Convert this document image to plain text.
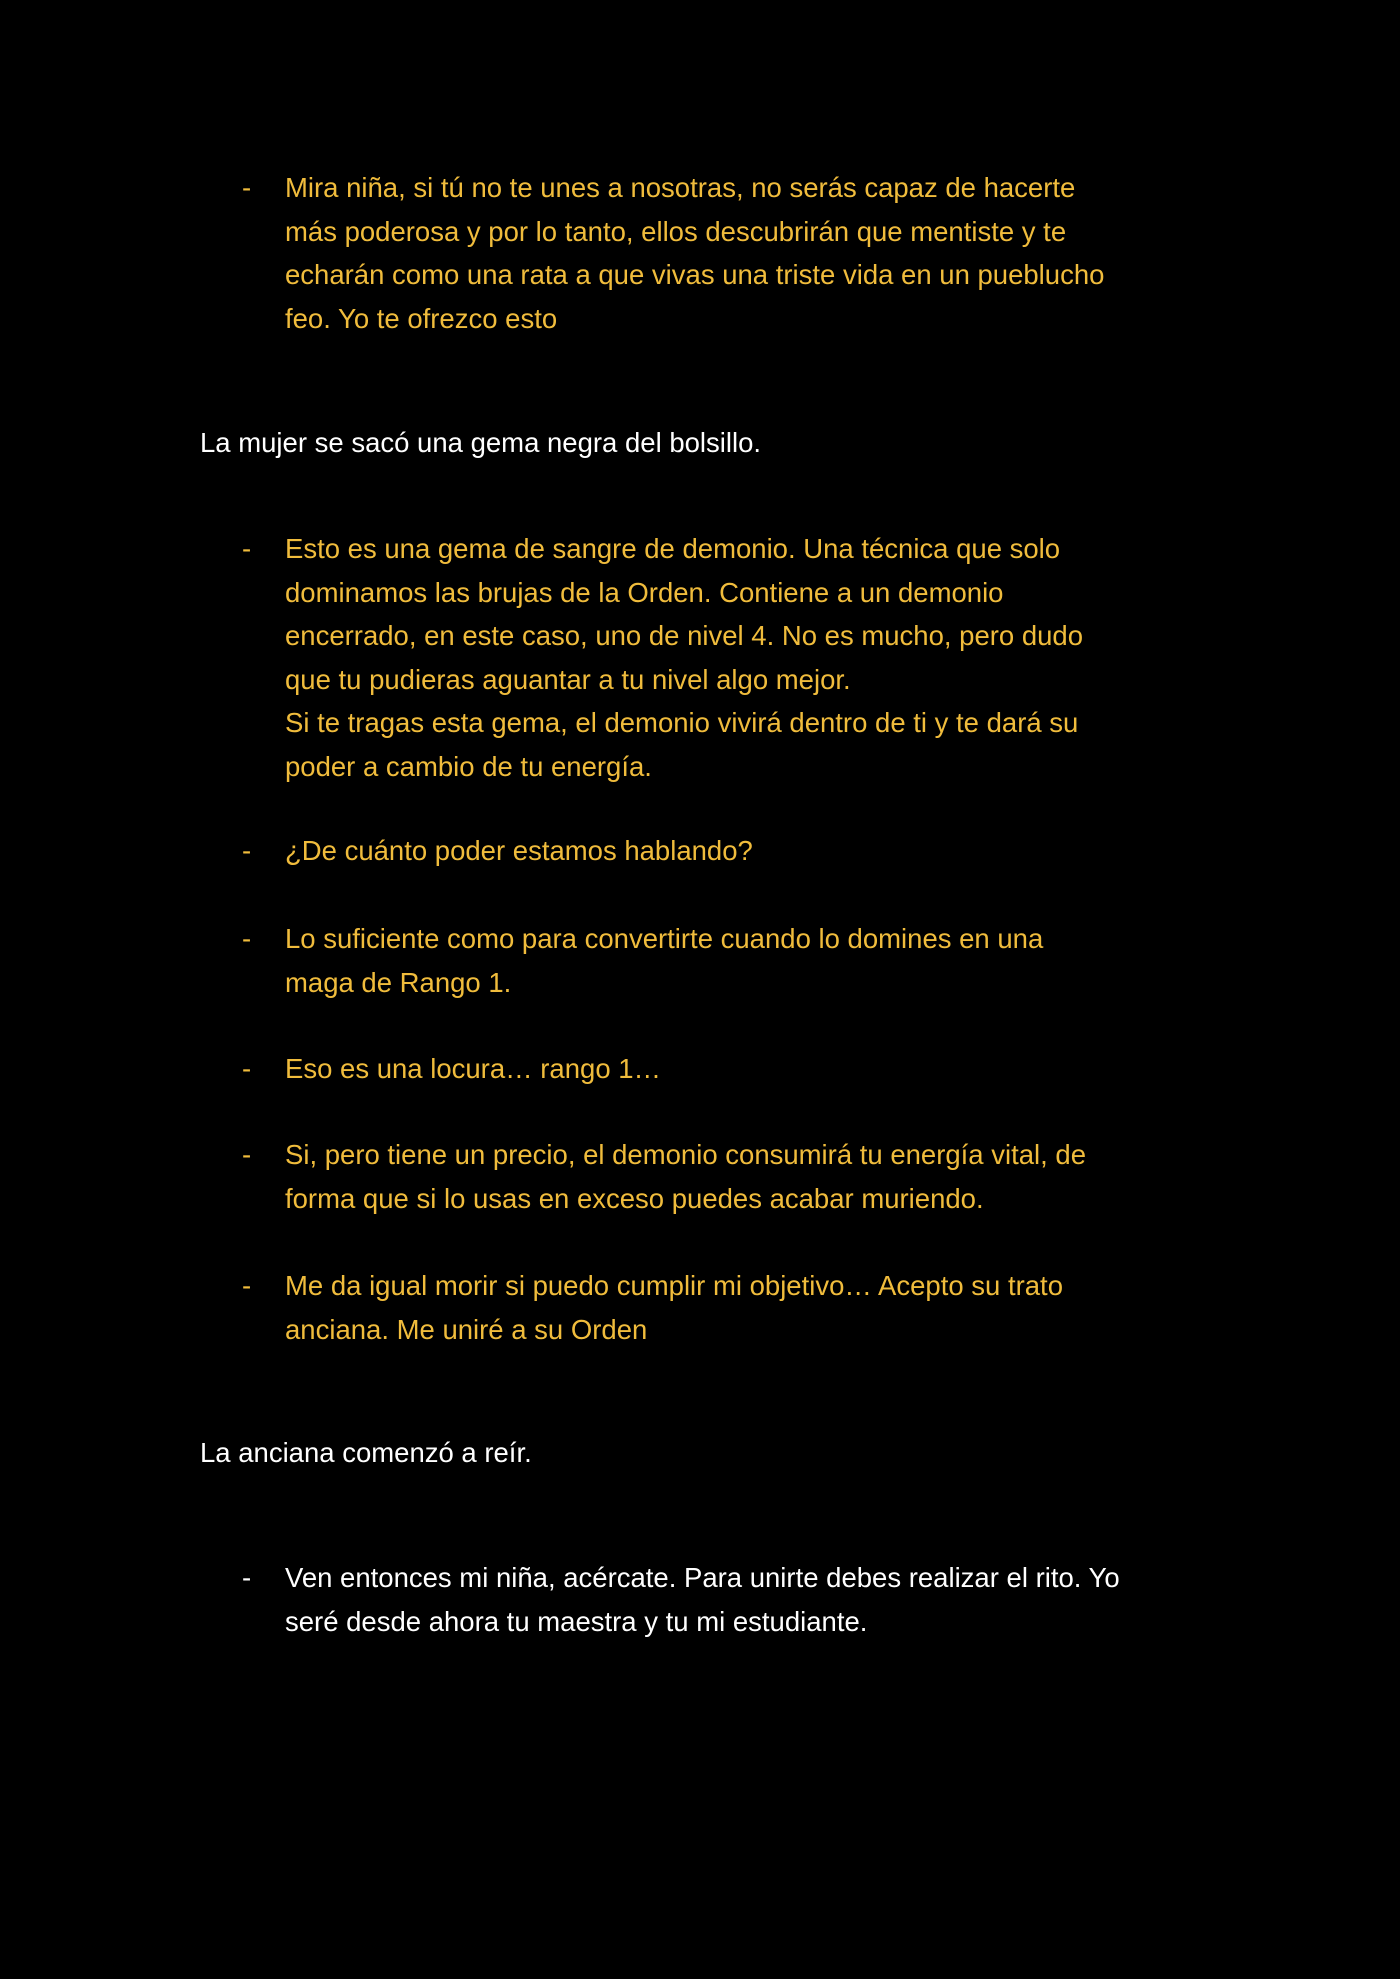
-	Mira niña, si tú no te unes a nosotras, no serás capaz de hacerte
más poderosa y por lo tanto, ellos descubrirán que mentiste y te
echarán como una rata a que vivas una triste vida en un pueblucho
feo. Yo te ofrezco esto
La mujer se sacó una gema negra del bolsillo.
-	Esto es una gema de sangre de demonio. Una técnica que solo
dominamos las brujas de la Orden. Contiene a un demonio
encerrado, en este caso, uno de nivel 4. No es mucho, pero dudo
que tu pudieras aguantar a tu nivel algo mejor.
Si te tragas esta gema, el demonio vivirá dentro de ti y te dará su
poder a cambio de tu energía.
-	¿De cuánto poder estamos hablando?
-	Lo suficiente como para convertirte cuando lo domines en una
maga de Rango 1.
-	Eso es una locura… rango 1…
-	Si, pero tiene un precio, el demonio consumirá tu energía vital, de
forma que si lo usas en exceso puedes acabar muriendo.
-	Me da igual morir si puedo cumplir mi objetivo… Acepto su trato
anciana. Me uniré a su Orden
La anciana comenzó a reír.
-	Ven entonces mi niña, acércate. Para unirte debes realizar el rito. Yo
seré desde ahora tu maestra y tu mi estudiante.
